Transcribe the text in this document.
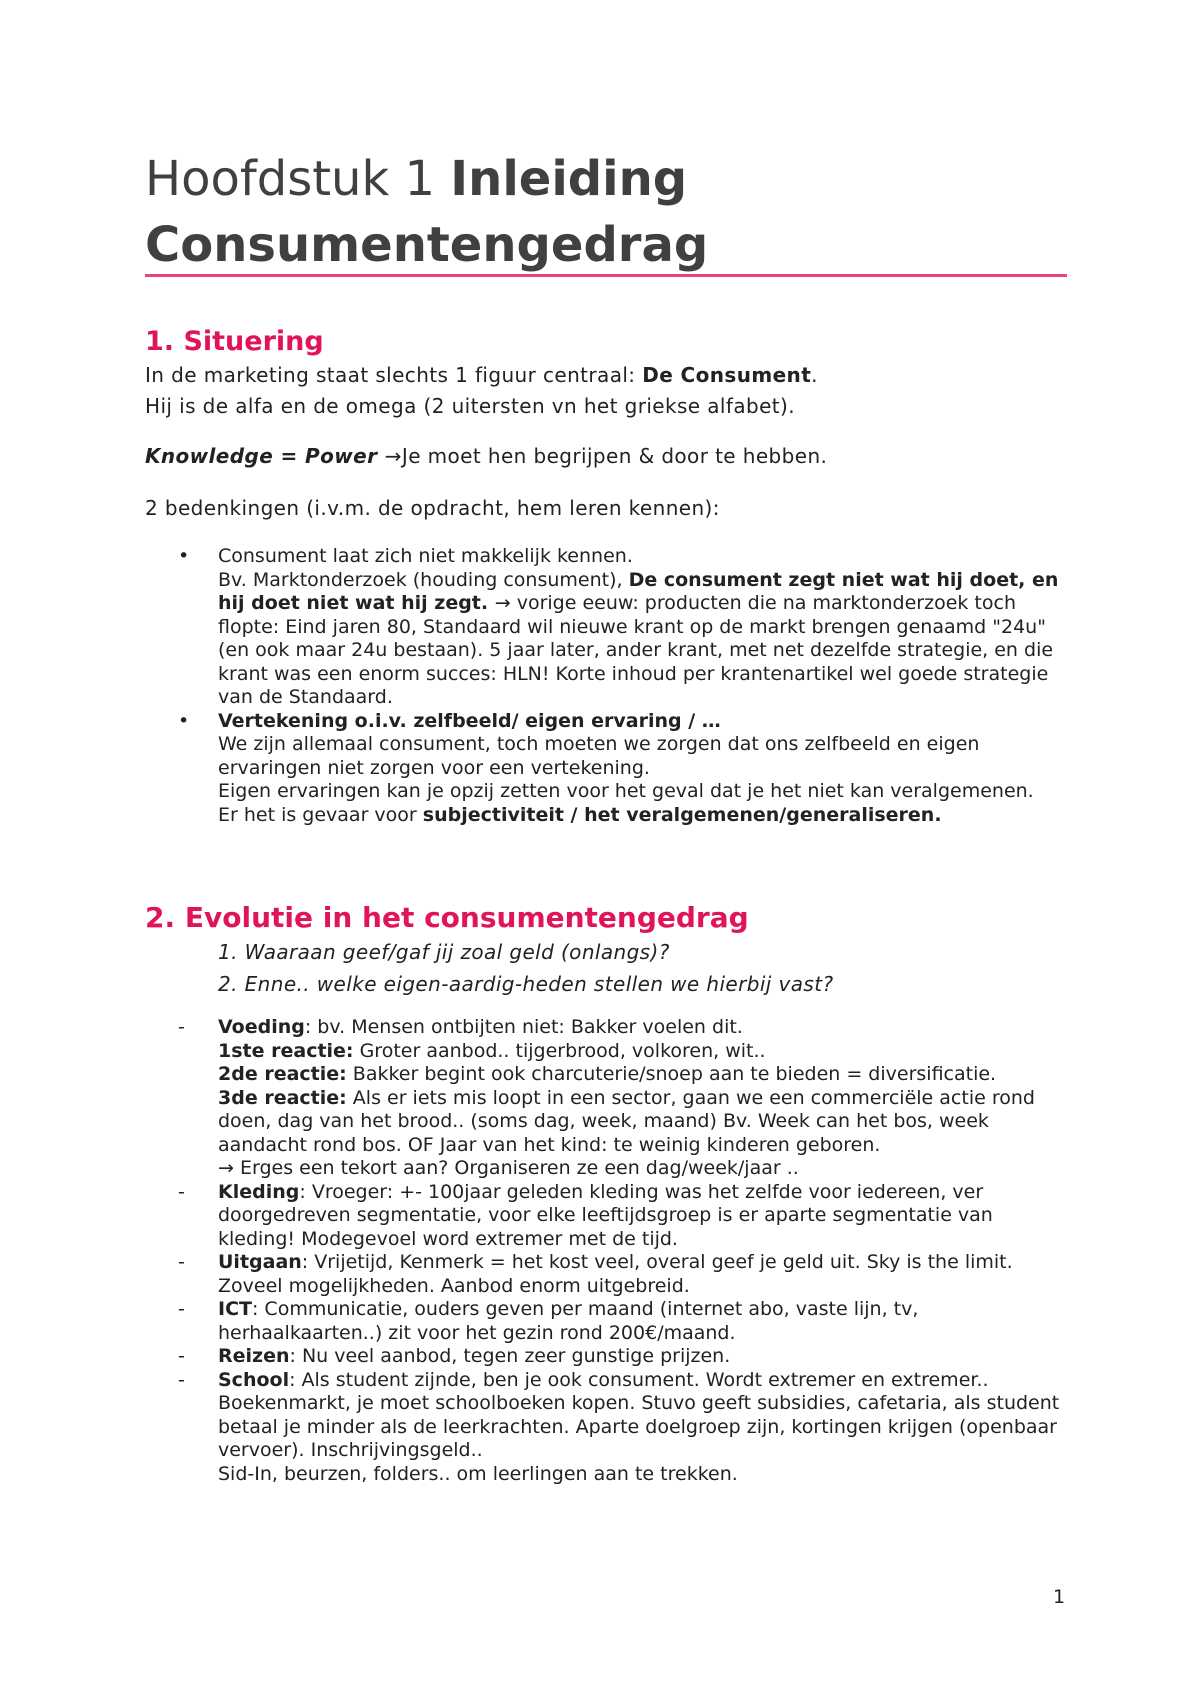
Hoofdstuk 1 Inleiding
Consumentengedrag
1. Situering

In de marketing staat slechts 1 figuur centraal: De Consument.

Hij is de alfa en de omega (2 uitersten vn het griekse alfabet).

Knowledge = Power →Je moet hen begrijpen & door te hebben.

2 bedenkingen (i.v.m. de opdracht, hem leren kennen):

• Consument laat zich niet makkelijk kennen.

Bv. Marktonderzoek (houding consument), De consument zegt niet wat hij doet, en hij doet niet wat hij zegt. → vorige eeuw: producten die na marktonderzoek toch flopte: Eind jaren 80, Standaard wil nieuwe krant op de markt brengen genaamd "24u" (en ook maar 24u bestaan). 5 jaar later, ander krant, met net dezelfde strategie, en die krant was een enorm succes: HLN! Korte inhoud per krantenartikel wel goede strategie van de Standaard.

• Vertekening o.i.v. zelfbeeld/ eigen ervaring / …

We zijn allemaal consument, toch moeten we zorgen dat ons zelfbeeld en eigen ervaringen niet zorgen voor een vertekening.

Eigen ervaringen kan je opzij zetten voor het geval dat je het niet kan veralgemenen.

Er het is gevaar voor subjectiviteit / het veralgemenen/generaliseren.

2. Evolutie in het consumentengedrag

1. Waaraan geef/gaf jij zoal geld (onlangs)?

2. Enne.. welke eigen-aardig-heden stellen we hierbij vast?

- Voeding: bv. Mensen ontbijten niet: Bakker voelen dit.

1ste reactie: Groter aanbod.. tijgerbrood, volkoren, wit..

2de reactie: Bakker begint ook charcuterie/snoep aan te bieden = diversificatie.

3de reactie: Als er iets mis loopt in een sector, gaan we een commerciële actie rond doen, dag van het brood.. (soms dag, week, maand) Bv. Week can het bos, week aandacht rond bos. OF Jaar van het kind: te weinig kinderen geboren.

→ Erges een tekort aan? Organiseren ze een dag/week/jaar ..

- Kleding: Vroeger: +- 100jaar geleden kleding was het zelfde voor iedereen, ver doorgedreven segmentatie, voor elke leeftijdsgroep is er aparte segmentatie van kleding! Modegevoel word extremer met de tijd.

- Uitgaan: Vrijetijd, Kenmerk = het kost veel, overal geef je geld uit. Sky is the limit. Zoveel mogelijkheden. Aanbod enorm uitgebreid.

- ICT: Communicatie, ouders geven per maand (internet abo, vaste lijn, tv, herhaalkaarten..) zit voor het gezin rond 200€/maand.

- Reizen: Nu veel aanbod, tegen zeer gunstige prijzen.

- School: Als student zijnde, ben je ook consument. Wordt extremer en extremer.. Boekenmarkt, je moet schoolboeken kopen. Stuvo geeft subsidies, cafetaria, als student betaal je minder als de leerkrachten. Aparte doelgroep zijn, kortingen krijgen (openbaar vervoer). Inschrijvingsgeld..

Sid-In, beurzen, folders.. om leerlingen aan te trekken.

1
